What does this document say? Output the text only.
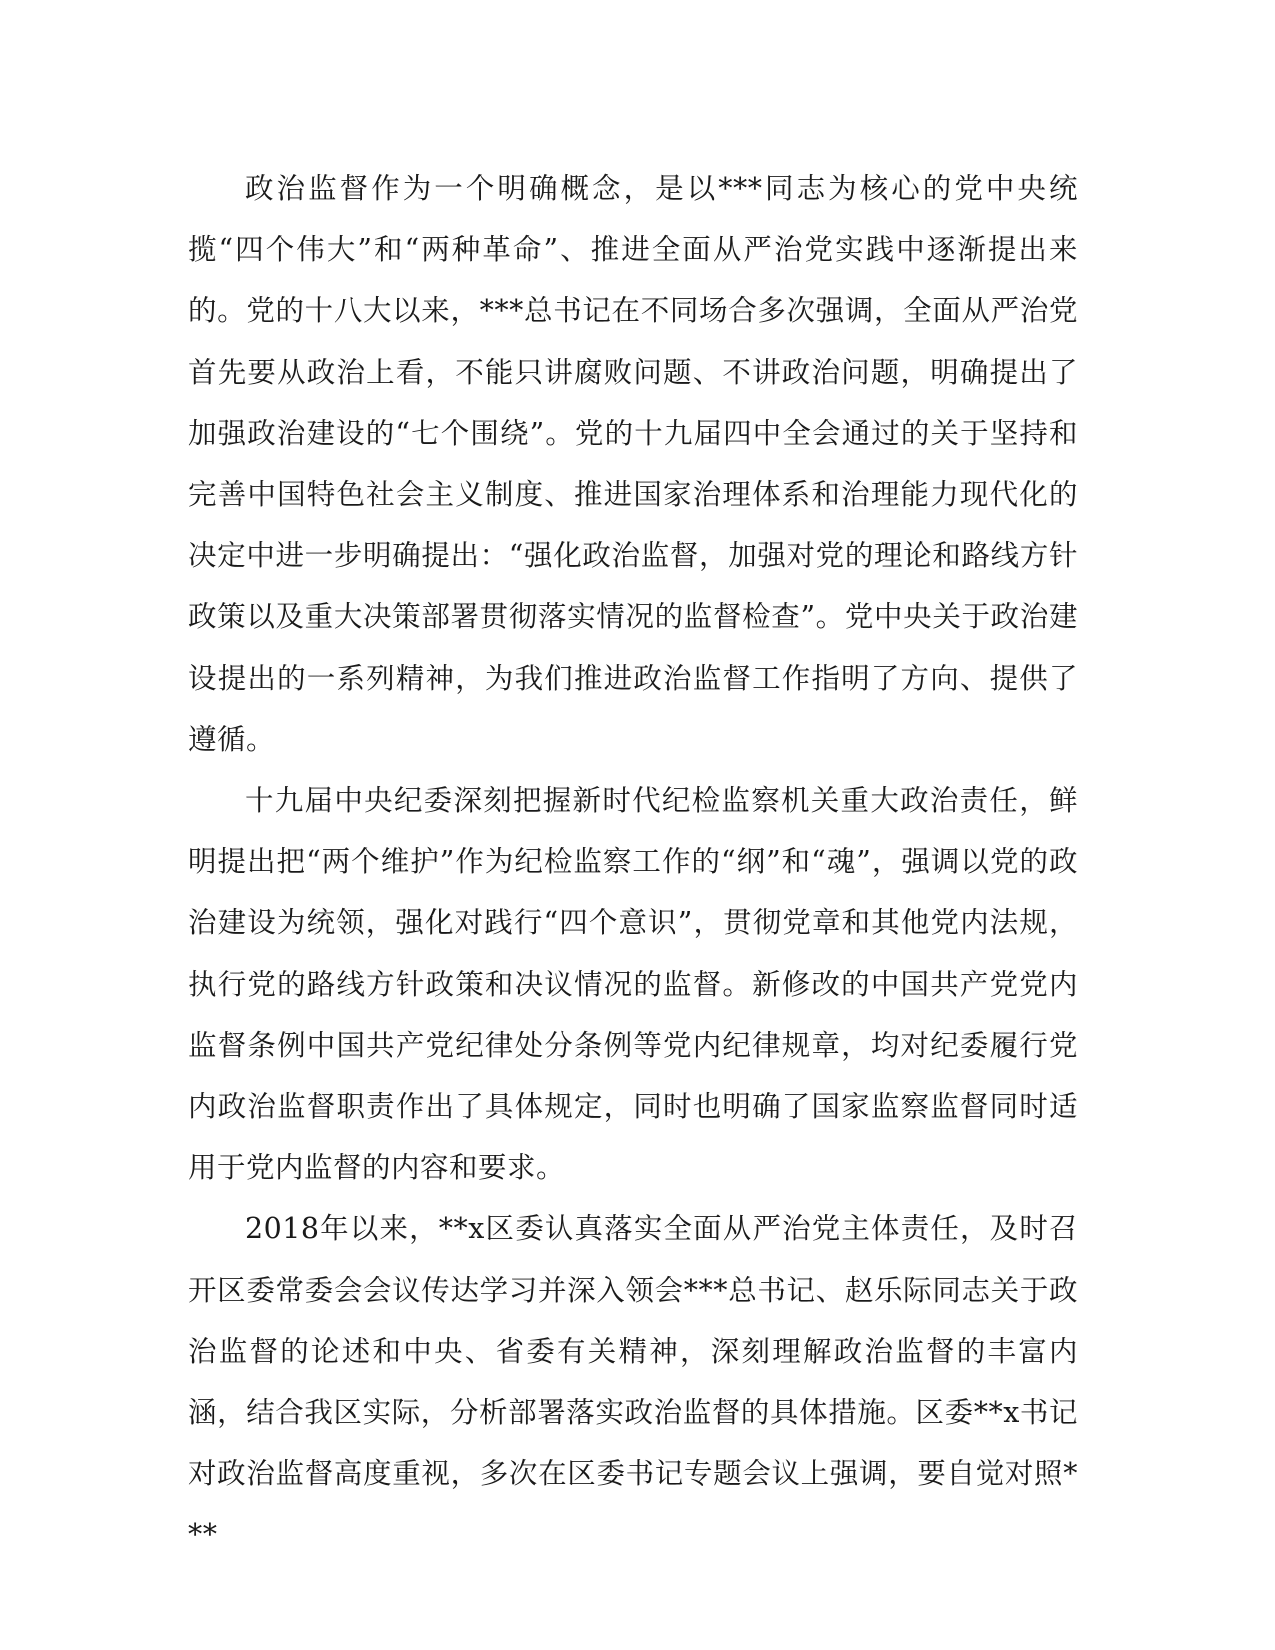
政治监督作为一个明确概念，是以***同志为核心的党中央统揽“四个伟大”和“两种革命”、推进全面从严治党实践中逐渐提出来的。党的十八大以来，***总书记在不同场合多次强调，全面从严治党首先要从政治上看，不能只讲腐败问题、不讲政治问题，明确提出了加强政治建设的“七个围绕”。党的十九届四中全会通过的关于坚持和完善中国特色社会主义制度、推进国家治理体系和治理能力现代化的决定中进一步明确提出：“强化政治监督，加强对党的理论和路线方针政策以及重大决策部署贯彻落实情况的监督检查”。党中央关于政治建设提出的一系列精神，为我们推进政治监督工作指明了方向、提供了遵循。

十九届中央纪委深刻把握新时代纪检监察机关重大政治责任，鲜明提出把“两个维护”作为纪检监察工作的“纲”和“魂”，强调以党的政治建设为统领，强化对践行“四个意识”，贯彻党章和其他党内法规，执行党的路线方针政策和决议情况的监督。新修改的中国共产党党内监督条例中国共产党纪律处分条例等党内纪律规章，均对纪委履行党内政治监督职责作出了具体规定，同时也明确了国家监察监督同时适用于党内监督的内容和要求。

2018年以来，**x区委认真落实全面从严治党主体责任，及时召开区委常委会会议传达学习并深入领会***总书记、赵乐际同志关于政治监督的论述和中央、省委有关精神，深刻理解政治监督的丰富内涵，结合我区实际，分析部署落实政治监督的具体措施。区委**x书记对政治监督高度重视，多次在区委书记专题会议上强调，要自觉对照***
